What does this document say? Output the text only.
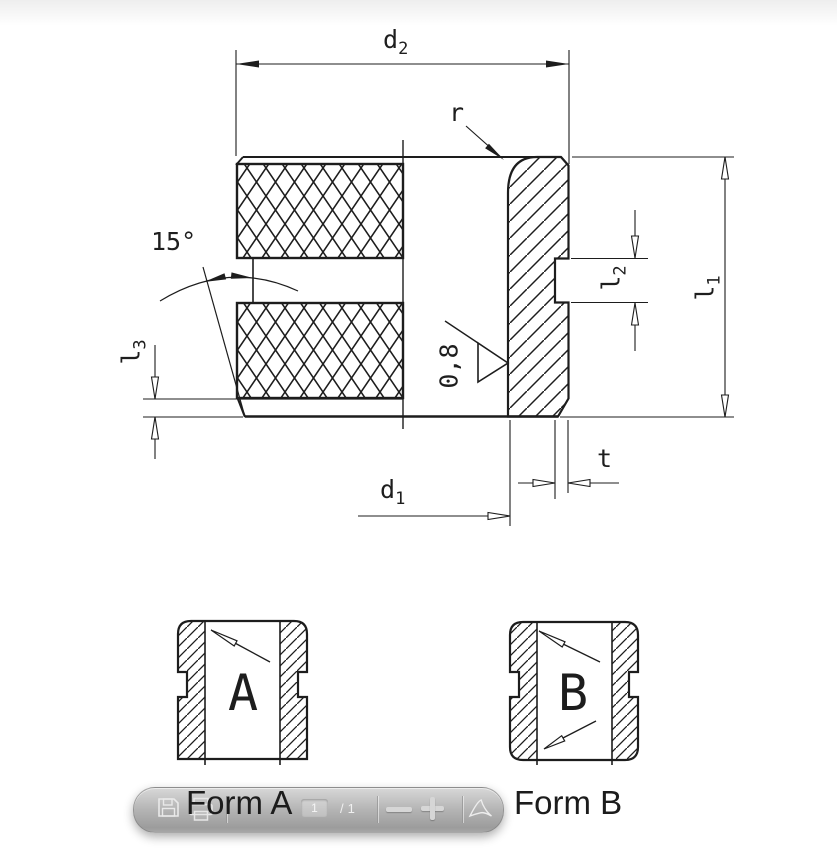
A	B
$d_2$
r
15°
$l_1$
$l_2$
$l_3$	0,8
t
$d_1$
Form A	Form B
1	/1
